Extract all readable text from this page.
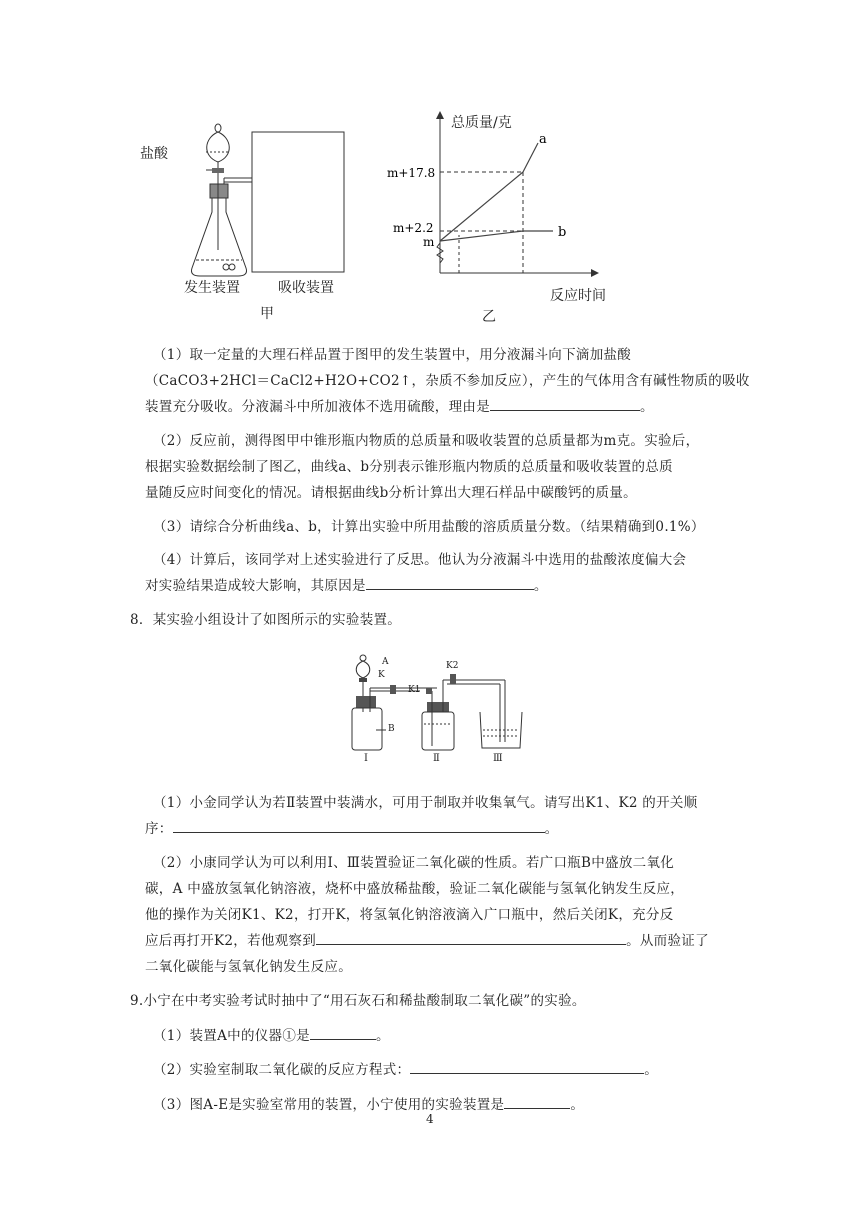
盐酸
发生装置	吸收装置
甲
m+17.8
m+2.2
m
a
b
总质量/克
反应时间
乙
（1）取一定量的大理石样品置于图甲的发生装置中，用分液漏斗向下滴加盐酸
（CaCO3+2HCl＝CaCl2+H2O+CO2↑，杂质不参加反应），产生的气体用含有碱性物质的吸收
装置充分吸收。分液漏斗中所加液体不选用硫酸，理由是	。
（2）反应前，测得图甲中锥形瓶内物质的总质量和吸收装置的总质量都为m克。实验后，
根据实验数据绘制了图乙，曲线a、b分别表示锥形瓶内物质的总质量和吸收装置的总质
量随反应时间变化的情况。请根据曲线b分析计算出大理石样品中碳酸钙的质量。
（3）请综合分析曲线a、b，计算出实验中所用盐酸的溶质质量分数。（结果精确到0.1%）
（4）计算后，该同学对上述实验进行了反思。他认为分液漏斗中选用的盐酸浓度偏大会
对实验结果造成较大影响，其原因是	。
8．某实验小组设计了如图所示的实验装置。
A
K
K2
K1
B
Ⅰ	Ⅱ	Ⅲ
（1）小金同学认为若Ⅱ装置中装满水，可用于制取并收集氧气。请写出K1、K2 的开关顺
序：	。
（2）小康同学认为可以利用Ⅰ、Ⅲ装置验证二氧化碳的性质。若广口瓶B中盛放二氧化
碳，A 中盛放氢氧化钠溶液，烧杯中盛放稀盐酸，验证二氧化碳能与氢氧化钠发生反应，
他的操作为关闭K1、K2，打开K，将氢氧化钠溶液滴入广口瓶中，然后关闭K，充分反
应后再打开K2，若他观察到	。从而验证了
二氧化碳能与氢氧化钠发生反应。
9.小宁在中考实验考试时抽中了“用石灰石和稀盐酸制取二氧化碳”的实验。
（1）装置A中的仪器①是	。
（2）实验室制取二氧化碳的反应方程式：	。
（3）图A-E是实验室常用的装置，小宁使用的实验装置是	。
4
